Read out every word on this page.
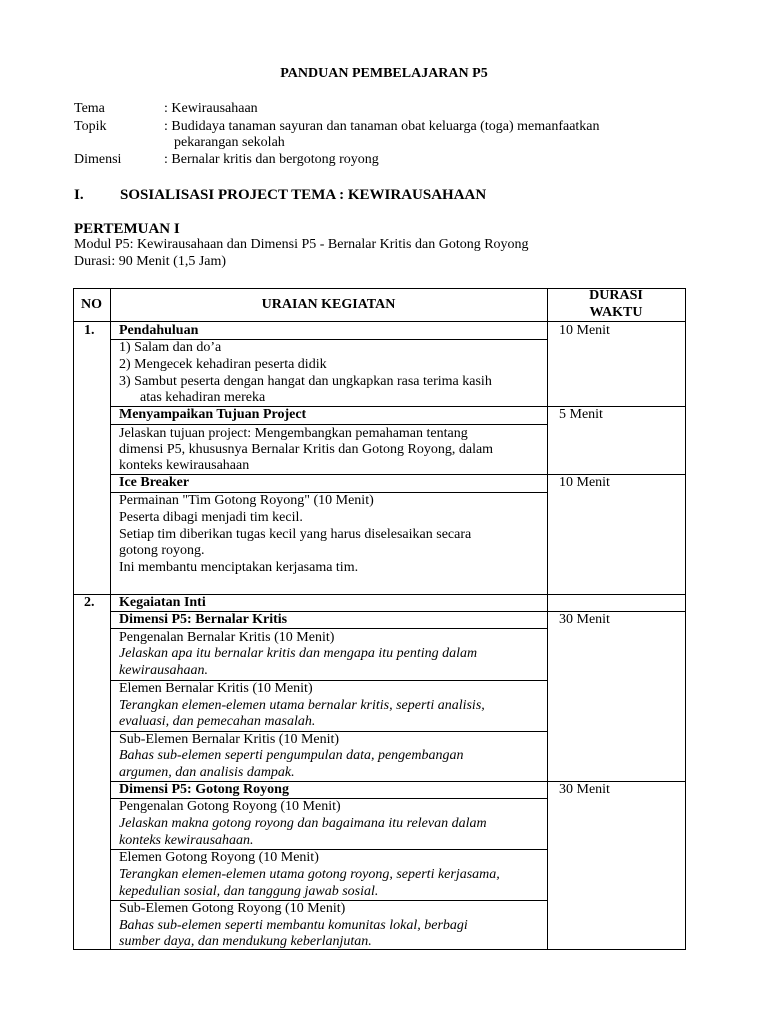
PANDUAN PEMBELAJARAN P5
Tema	: Kewirausahaan
Topik	: Budidaya tanaman sayuran dan tanaman obat keluarga (toga) memanfaatkan
pekarangan sekolah
Dimensi	: Bernalar kritis dan bergotong royong
I. SOSIALISASI PROJECT TEMA : KEWIRAUSAHAAN
PERTEMUAN I
Modul P5: Kewirausahaan dan Dimensi P5 - Bernalar Kritis dan Gotong Royong
Durasi: 90 Menit (1,5 Jam)
NO	URAIAN KEGIATAN
DURASI
WAKTU
1. Pendahuluan	10 Menit
1) Salam dan do’a
2) Mengecek kehadiran peserta didik
3) Sambut peserta dengan hangat dan ungkapkan rasa terima kasih
atas kehadiran mereka
Menyampaikan Tujuan Project	5 Menit
Jelaskan tujuan project: Mengembangkan pemahaman tentang
dimensi P5, khususnya Bernalar Kritis dan Gotong Royong, dalam
konteks kewirausahaan
Ice Breaker	10 Menit
Permainan "Tim Gotong Royong" (10 Menit)
Peserta dibagi menjadi tim kecil.
Setiap tim diberikan tugas kecil yang harus diselesaikan secara
gotong royong.
Ini membantu menciptakan kerjasama tim.
2. Kegaiatan Inti
Dimensi P5: Bernalar Kritis	30 Menit
Pengenalan Bernalar Kritis (10 Menit)
Jelaskan apa itu bernalar kritis dan mengapa itu penting dalam
kewirausahaan.
Elemen Bernalar Kritis (10 Menit)
Terangkan elemen-elemen utama bernalar kritis, seperti analisis,
evaluasi, dan pemecahan masalah.
Sub-Elemen Bernalar Kritis (10 Menit)
Bahas sub-elemen seperti pengumpulan data, pengembangan
argumen, dan analisis dampak.
Dimensi P5: Gotong Royong	30 Menit
Pengenalan Gotong Royong (10 Menit)
Jelaskan makna gotong royong dan bagaimana itu relevan dalam
konteks kewirausahaan.
Elemen Gotong Royong (10 Menit)
Terangkan elemen-elemen utama gotong royong, seperti kerjasama,
kepedulian sosial, dan tanggung jawab sosial.
Sub-Elemen Gotong Royong (10 Menit)
Bahas sub-elemen seperti membantu komunitas lokal, berbagi
sumber daya, dan mendukung keberlanjutan.
